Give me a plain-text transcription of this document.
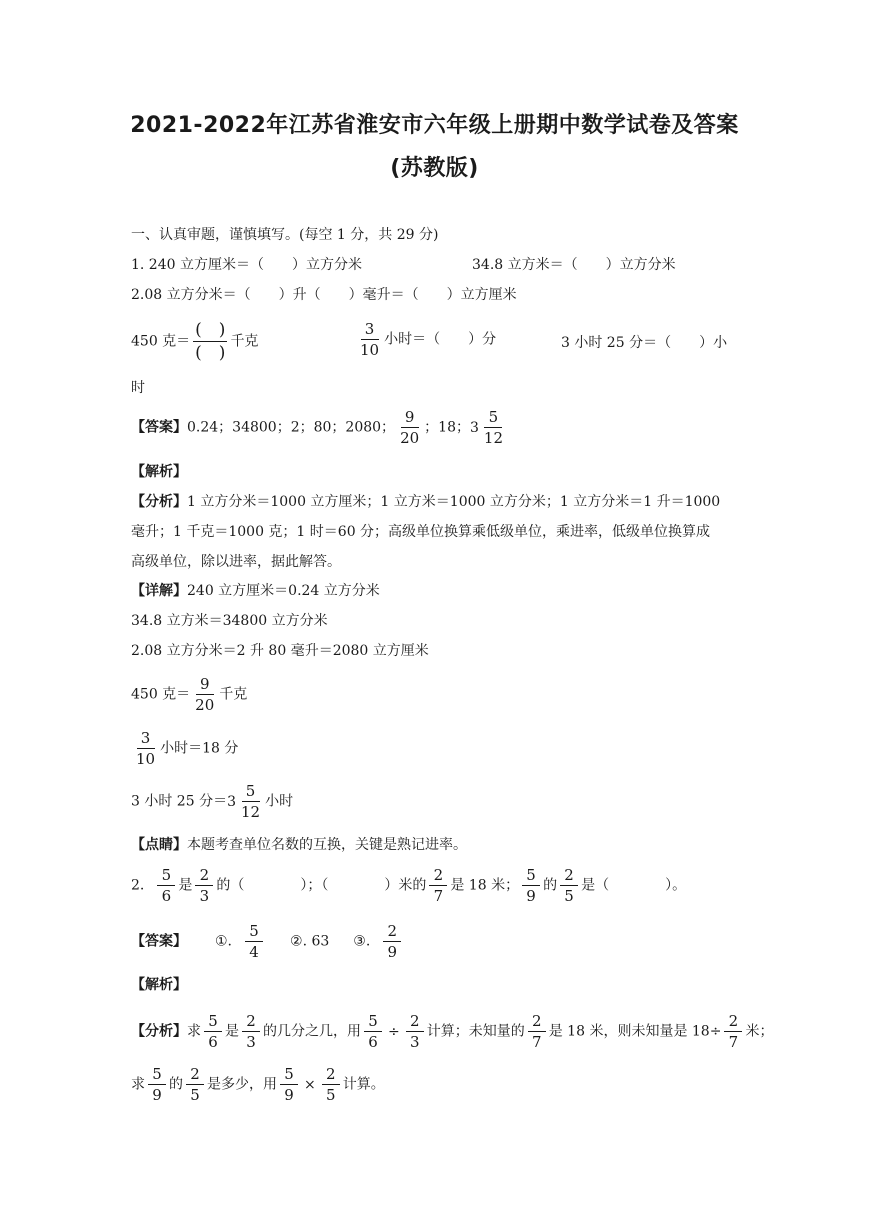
2021-2022年江苏省淮安市六年级上册期中数学试卷及答案
(苏教版)
一、认真审题，谨慎填写。(每空 1 分，共 29 分)
1. 240 立方厘米＝（　　）立方分米	34.8 立方米＝（　　）立方分米
2.08 立方分米＝（　　）升（　　）毫升＝（　　）立方厘米
450 克＝ $\frac{( )}{( )}$ 千克	$\frac{3}{10}$ 小时＝（　　）分	3 小时 25 分＝（　　）小
时
【答案】0.24；34800；2；80；2080； $\frac{9}{20}$ ；18； $3 \frac{5}{12}$
【解析】
【分析】1 立方分米＝1000 立方厘米；1 立方米＝1000 立方分米；1 立方分米＝1 升＝1000
毫升；1 千克＝1000 克；1 时＝60 分；高级单位换算乘低级单位，乘进率，低级单位换算成
高级单位，除以进率，据此解答。
【详解】240 立方厘米＝0.24 立方分米
34.8 立方米＝34800 立方分米
2.08 立方分米＝2 升 80 毫升＝2080 立方厘米
450 克＝ $\frac{9}{20}$ 千克
$\frac{3}{10}$ 小时＝18 分
3 小时 25 分＝ $3 \frac{5}{12}$ 小时
【点睛】本题考查单位名数的互换，关键是熟记进率。
2. $\frac{5}{6}$ 是 $\frac{2}{3}$ 的（　　　　）；（　　　　）米的 $\frac{2}{7}$ 是 18 米； $\frac{5}{9}$ 的 $\frac{2}{5}$ 是（　　　　）。
【答案】 ①. $\frac{5}{4}$ ②. 63 ③. $\frac{2}{9}$
【解析】
【分析】求 $\frac{5}{6}$ 是 $\frac{2}{3}$ 的几分之几，用 $\frac{5}{6} \div \frac{2}{3}$ 计算；未知量的 $\frac{2}{7}$ 是 18 米，则未知量是 $18\div \frac{2}{7}$ 米；
求 $\frac{5}{9}$ 的 $\frac{2}{5}$ 是多少，用 $\frac{5}{9} \times \frac{2}{5}$ 计算。
